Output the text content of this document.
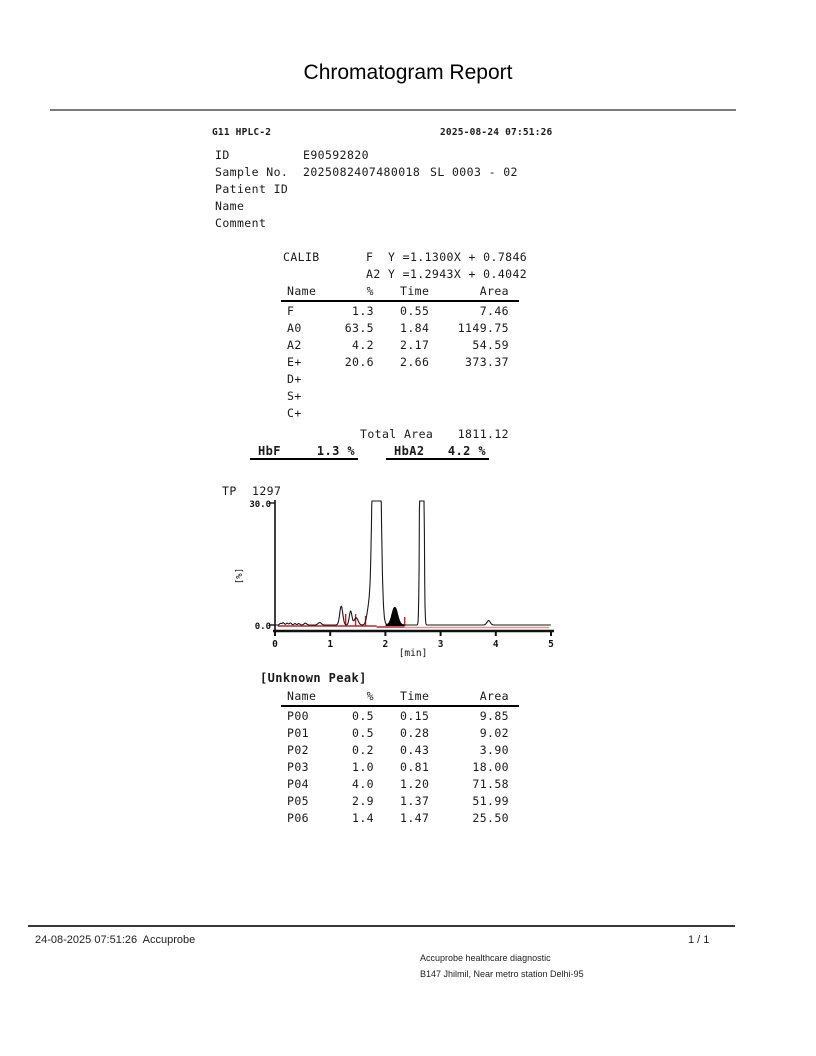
Chromatogram Report
G11 HPLC-2	2025-08-24 07:51:26
ID	E90592820
Sample No. 2025082407480018 SL 0003 - 02
Patient ID
Name
Comment
CALIB	F  Y =1.1300X + 0.7846
A2 Y =1.2943X + 0.4042
Name	% Time	Area
F	1.3 0.55	7.46
A0	63.5 1.84	1149.75
A2	4.2 2.17	54.59
E+	20.6 2.66	373.37
D+
S+
C+
Total Area	1811.12
HbF	1.3 %	HbA2 4.2 %
TP 1297
0	1	2	3	4	5
30.0
0.0
[%]
[min]
[Unknown Peak]
Name	% Time	Area
P00	0.5 0.15	9.85
P01	0.5 0.28	9.02
P02	0.2 0.43	3.90
P03	1.0 0.81	18.00
P04	4.0 1.20	71.58
P05	2.9 1.37	51.99
P06	1.4 1.47	25.50
24-08-2025 07:51:26 Accuprobe	1 / 1
Accuprobe healthcare diagnostic
B147 Jhilmil, Near metro station Delhi-95
